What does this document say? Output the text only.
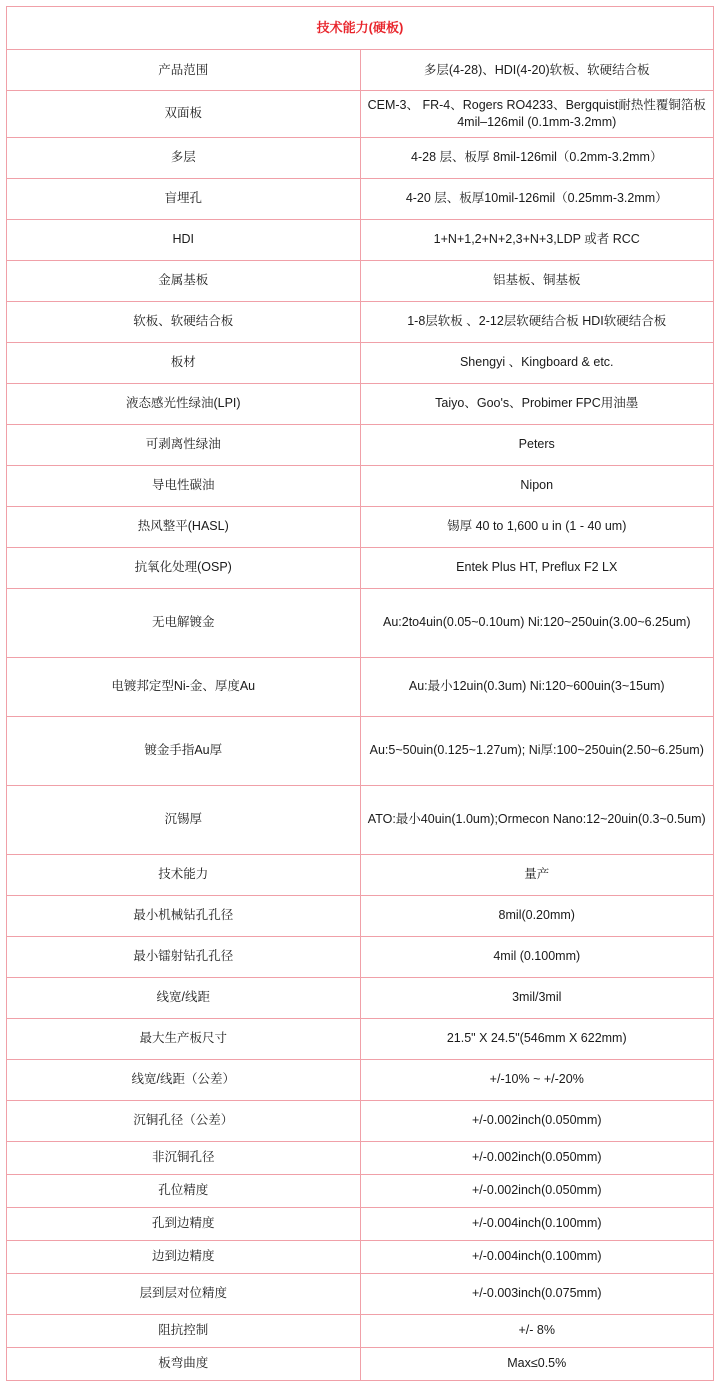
技术能力(硬板)	
产品范围	多层(4-28)、HDI(4-20)软板、软硬结合板
双面板	CEM-3、 FR-4、Rogers RO4233、Bergquist耐热性覆铜箔板 4mil–126mil (0.1mm-3.2mm)
多层	4-28 层、板厚 8mil-126mil（0.2mm-3.2mm）
盲埋孔	4-20 层、板厚10mil-126mil（0.25mm-3.2mm）
HDI	1+N+1,2+N+2,3+N+3,LDP 或者 RCC
金属基板	铝基板、铜基板
软板、软硬结合板	1-8层软板 、2-12层软硬结合板 HDI软硬结合板
板材	Shengyi 、Kingboard & etc.
液态感光性绿油(LPI)	Taiyo、Goo's、Probimer FPC用油墨
可剥离性绿油	Peters
导电性碳油	Nipon
热风整平(HASL)	锡厚 40 to 1,600 u in (1 - 40 um)
抗氧化处理(OSP)	Entek Plus HT, Preflux F2 LX
无电解镀金	Au:2to4uin(0.05~0.10um) Ni:120~250uin(3.00~6.25um)
电镀邦定型Ni-金、厚度Au	Au:最小12uin(0.3um) Ni:120~600uin(3~15um)
镀金手指Au厚	Au:5~50uin(0.125~1.27um); Ni厚:100~250uin(2.50~6.25um)
沉锡厚	ATO:最小40uin(1.0um);Ormecon Nano:12~20uin(0.3~0.5um)
技术能力	量产
最小机械钻孔孔径	8mil(0.20mm)
最小镭射钻孔孔径	4mil (0.100mm)
线宽/线距	3mil/3mil
最大生产板尺寸	21.5" X 24.5"(546mm X 622mm)
线宽/线距（公差）	+/-10% ~ +/-20%
沉铜孔径（公差）	+/-0.002inch(0.050mm)
非沉铜孔径	+/-0.002inch(0.050mm)
孔位精度	+/-0.002inch(0.050mm)
孔到边精度	+/-0.004inch(0.100mm)
边到边精度	+/-0.004inch(0.100mm)
层到层对位精度	+/-0.003inch(0.075mm)
阻抗控制	+/- 8%
板弯曲度	Max≤0.5%
